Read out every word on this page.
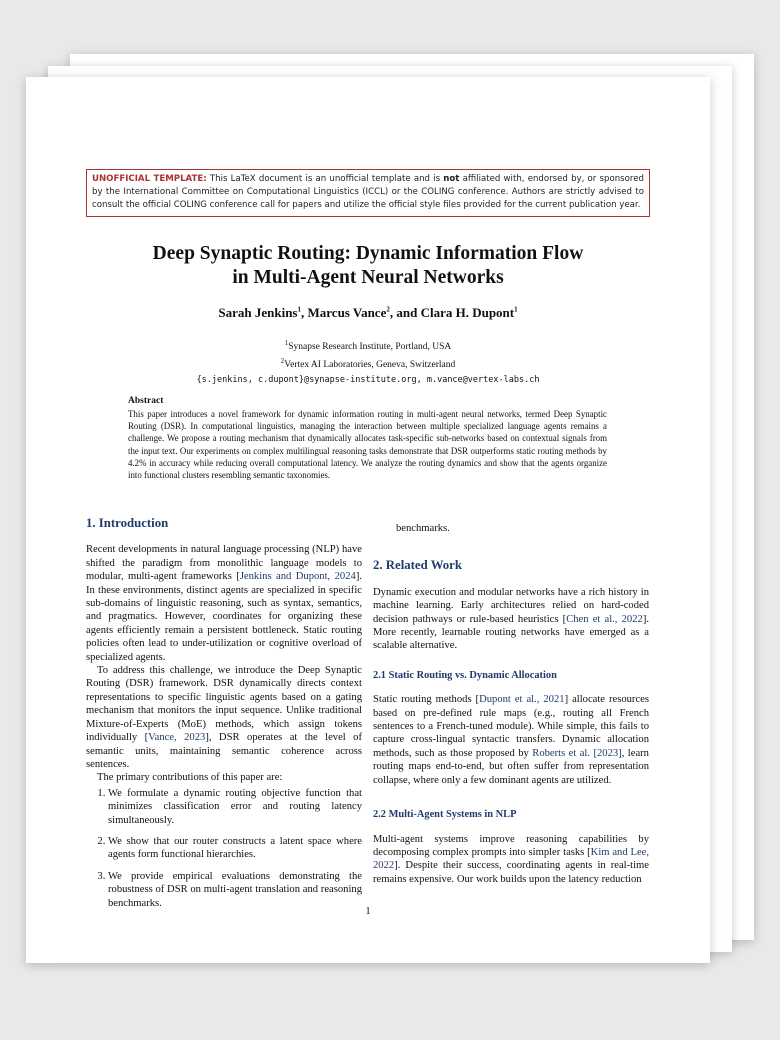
UNOFFICIAL TEMPLATE: This LaTeX document is an unofficial template and is not affiliated with, endorsed by, or sponsored by the International Committee on Computational Linguistics (ICCL) or the COLING conference. Authors are strictly advised to consult the official COLING conference call for papers and utilize the official style files provided for the current publication year.
Deep Synaptic Routing: Dynamic Information Flow
in Multi-Agent Neural Networks
Sarah Jenkins$^1$, Marcus Vance$^2$, and Clara H. Dupont$^1$
$^1$Synapse Research Institute, Portland, USA
$^2$Vertex AI Laboratories, Geneva, Switzerland
{s.jenkins, c.dupont}@synapse-institute.org, m.vance@vertex-labs.ch
Abstract
This paper introduces a novel framework for dynamic information routing in multi-agent neural networks, termed Deep Synaptic Routing (DSR). In computational linguistics, managing the interaction between multiple specialized language agents remains a challenge. We propose a routing mechanism that dynamically allocates task-specific sub-networks based on contextual signals from the input text. Our experiments on complex multilingual reasoning tasks demonstrate that DSR outperforms static routing methods by 4.2% in accuracy while reducing overall computational latency. We analyze the routing dynamics and show that the agents organize into functional clusters resembling semantic taxonomies.
1. Introduction

Recent developments in natural language processing (NLP) have shifted the paradigm from monolithic language models to modular, multi-agent frameworks [Jenkins and Dupont, 2024]. In these environments, distinct agents are specialized in specific sub-domains of linguistic reasoning, such as syntax, semantics, and pragmatics. However, coordinates for organizing these agents efficiently remain a persistent bottleneck. Static routing policies often lead to under-utilization or cognitive overload of specialized agents.

To address this challenge, we introduce the Deep Synaptic Routing (DSR) framework. DSR dynamically directs context representations to specific linguistic agents based on a gating mechanism that monitors the input sequence. Unlike traditional Mixture-of-Experts (MoE) methods, which assign tokens individually [Vance, 2023], DSR operates at the level of semantic units, maintaining semantic coherence across sentences.

The primary contributions of this paper are:

1. We formulate a dynamic routing objective function that minimizes classification error and routing latency simultaneously.
2. We show that our router constructs a latent space where agents form functional hierarchies.
3. We provide empirical evaluations demonstrating the robustness of DSR on multi-agent translation and reasoning benchmarks.

benchmarks.

2. Related Work

Dynamic execution and modular networks have a rich history in machine learning. Early architectures relied on hard-coded decision pathways or rule-based heuristics [Chen et al., 2022]. More recently, learnable routing networks have emerged as a scalable alternative.

2.1 Static Routing vs. Dynamic Allocation

Static routing methods [Dupont et al., 2021] allocate resources based on pre-defined rule maps (e.g., routing all French sentences to a French-tuned module). While simple, this fails to capture cross-lingual syntactic transfers. Dynamic allocation methods, such as those proposed by Roberts et al. [2023], learn routing maps end-to-end, but often suffer from representation collapse, where only a few dominant agents are utilized.

2.2 Multi-Agent Systems in NLP

Multi-agent systems improve reasoning capabilities by decomposing complex prompts into simpler tasks [Kim and Lee, 2022]. Despite their success, coordinating agents in real-time remains expensive. Our work builds upon the latency reduction

1
